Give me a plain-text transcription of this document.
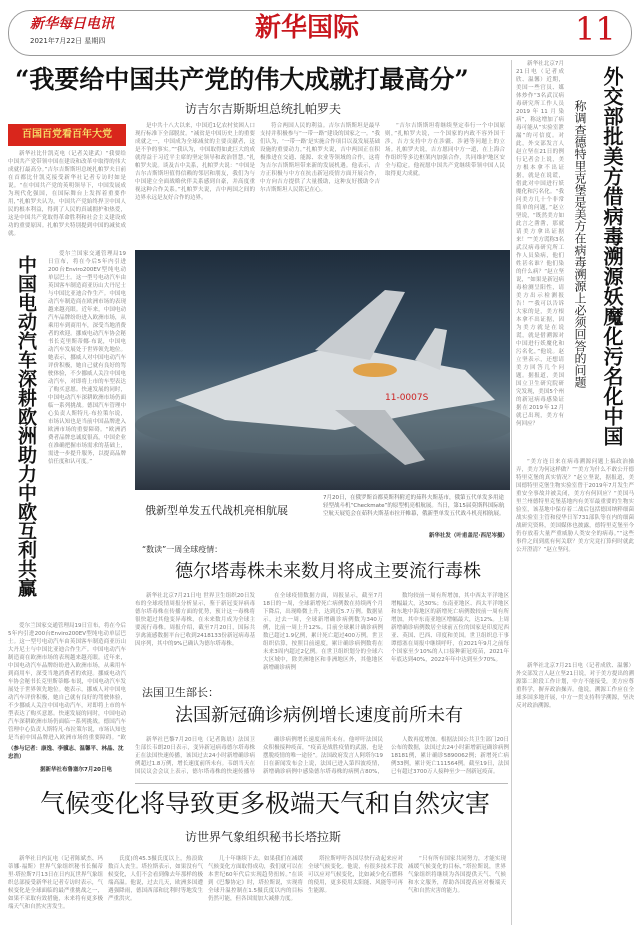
新华每日电讯
2021年7月22日 星期四	新华国际	11
“我要给中国共产党的伟大成就打最高分”
访吉尔吉斯斯坦总统扎帕罗夫
百国百党看百年大党
新华社比什凯克电（记者关建武）“我要给中国共产党带领中国在建设和改革中取得的伟大成就打最高分。”吉尔吉斯斯坦总统扎帕罗夫日前在首都比什凯克接受新华社记者专访时如是说。“在中国共产党的英明领导下，中国发展成为现代化强国，在国际舞台上发挥着重要作用，”扎帕罗夫认为，中国共产党始终捍卫中国人民的根本利益，得到了人民的真诚拥护和热爱，这是中国共产党取得革命胜利和社会主义建设成功的重要原因。扎帕罗夫特别提到中国的减贫成就。
是中共十八大以来，中国近1亿农村贫困人口现行标准下全部脱贫。“减贫是中国历史上的重要成就之一，中国成为全球减贫的主要贡献者，这是不争的事实。”“我认为，中国取得如此巨大的成就得益于习近平主席的坚定领导和政治智慧。”扎帕罗夫说。谈及吉中关系，扎帕罗夫说：“中国是吉尔吉斯斯坦值得信赖的邻居和朋友，我们为与中国建立全面战略伙伴关系感到自豪，并高度重视这种合作关系。”扎帕罗夫说，吉中两国之间的边界永远是友好合作的边界。
符合两国人民的利益。吉尔吉斯斯坦是最早支持并积极参与“一带一路”建设的国家之一。“我们认为，‘一带一路’是实施合作项目以及发展基础设施的重要动力，”扎帕罗夫说，吉中两国正在积极推进在交通、能源、农业等领域的合作，这将为吉尔吉斯斯坦带来新的发展机遇。他表示，吉方正积极与中方在抗击新冠疫情方面开展合作，中方向吉方提供了大量援助，这种友好援助令吉尔吉斯斯坦人民铭记在心。
“吉尔吉斯斯坦将继续坚定奉行一个中国原则，”扎帕罗夫说，一个国家的内政不容外国干涉，吉方支持中方在涉疆、涉港等问题上的立场。扎帕罗夫说，吉方愿同中方一道，在上海合作组织等多边框架内加强合作，共同维护地区安全与稳定。他祝愿中国共产党继续带领中国人民取得更大成就。
中国电动汽车深耕欧洲助力中欧互利共赢
爱尔兰国家交通管理局19日宣布，将在今后5年内引进200台Enviro200EV型纯电动单层巴士。这一型号电动汽车由英国客车制造商亚历山大丹尼士与中国比亚迪合作生产。中国电动汽车制造商在欧洲市场的表现越来越亮眼。近年来，中国电动汽车品牌纷纷进入欧洲市场，从乘用车到商用车，深受当地消费者的欢迎。挪威电动汽车协会秘书长克里斯蒂娜·布说，中国电动汽车发展处于世界领先地位。她表示，挪威人对中国电动汽车评价积极，她自己就有良好的驾驶体验，不少挪威人关注中国电动汽车，对即将上市的车型表达了购买意愿。快速发展的同时，中国电动汽车深耕欧洲市场仍面临一系列挑战。德国汽车管理中心负责人斯特凡·布拉策尔说，市场认知也是当前中国品牌进入欧洲市场的重要障碍。“欧洲消费者品牌忠诚度很高，中国企业在准确把握市场需求的基础上，需进一步提升服务，以提高品牌信任度和认可度。”
爱尔兰国家交通管理局19日宣布，将在今后5年内引进200台Enviro200EV型纯电动单层巴士。这一型号电动汽车由英国客车制造商亚历山大丹尼士与中国比亚迪合作生产。中国电动汽车制造商在欧洲市场的表现越来越亮眼。近年来，中国电动汽车品牌纷纷进入欧洲市场，从乘用车到商用车，深受当地消费者的欢迎。挪威电动汽车协会秘书长克里斯蒂娜·布说，中国电动汽车发展处于世界领先地位。她表示，挪威人对中国电动汽车评价积极，她自己就有良好的驾驶体验，不少挪威人关注中国电动汽车，对即将上市的车型表达了购买意愿。快速发展的同时，中国电动汽车深耕欧洲市场仍面临一系列挑战。德国汽车管理中心负责人斯特凡·布拉策尔说，市场认知也是当前中国品牌进入欧洲市场的重要障碍。“欧
（参与记者：康逸、李骥志、温馨平、林晶、沈忠浩）
据新华社布鲁塞尔7月20日电
11-0007S
俄新型单发五代战机亮相航展
7月20日，在俄罗斯首都莫斯科附近的茹科夫斯基市，俄第五代单发多用途轻型战斗机“Checkmate”的原型机亮相航展。当日，第15届莫斯科国际航空航天展览会在茹科夫斯基市拉开帷幕，俄新型单发五代战斗机亮相航展。
新华社发（叶甫盖尼·西尼岑摄）
“数读”一周全球疫情：
德尔塔毒株未来数月将成主要流行毒株
新华社北京7月21日电 世界卫生组织20日发布的全球疫情周报分析显示，鉴于新冠变异病毒德尔塔毒株在传播方面的优势，预计这一毒株将很快超过其他变异毒株，在未来数月成为全球主要流行毒株。周报介绍，截至7月20日，国际共享禽流感数据平台已收到2418133份新冠病毒基因序列，其中的9%已确认为德尔塔毒株。
在全球疫情数据方面，周报显示，截至7月18日的一周，全球新增死亡病例数在持续两个月下降后，出现略微上升，达到近5.7万例。数据显示，过去一周，全球新增确诊病例数为340万例，比前一周上升12%。目前全球累计确诊病例数已超过1.9亿例，累计死亡超过400万例。世卫组织估算，按照目前速度，累计确诊病例数将在未来3周内超过2亿例。在世卫组织划分的全球六大区域中，除美洲地区和非洲地区外，其他地区新增确诊病例
数均较前一周有所增加，其中西太平洋地区增幅最大，达30%；东南亚地区、西太平洋地区和东地中海地区的新增死亡病例数较前一周有所增加，其中东南亚地区增幅最大，达12%。上周新增确诊病例数居全球前五位的国家是印度尼西亚、英国、巴西、印度和美国。世卫组织总干事谭德塞在周报中继续呼吁，在2021年9月之前每个国家至少10%的人口接种新冠疫苗，2021年年底达到40%，2022年年中达到至少70%。
法国卫生部长：
法国新冠确诊病例增长速度前所未有
新华社巴黎7月20日电（记者陈晨）法国卫生部长韦朗20日表示，变异新冠病毒德尔塔毒株正在法国快速传播，该国过去24小时新增确诊病例超过1.8万例，增长速度前所未有。韦朗当天在国民议会会议上表示，德尔塔毒株的快速传播导
确诊病例增长速度前所未有。他呼吁法国民众积极接种疫苗，“疫苗是战胜疫情的武器，也是摆脱疫情的唯一途径”。法国政府发言人阿塔尔19日在新闻发布会上说，法国已进入第四波疫情，新增确诊病例中感染德尔塔毒株的病例占80%，
人数再度增加。根据法国公共卫生部门20日公布的数据，法国过去24小时新增新冠确诊病例18181例，累计确诊5890062例；新增死亡病例33例，累计死亡111564例。截至19日，法国已有超过3700万人接种至少一剂新冠疫苗。
气候变化将导致更多极端天气和自然灾害
访世界气象组织秘书长塔拉斯
新华社日内瓦电（记者陈斌杰、玛蒂娜·福斯）世界气象组织秘书长佩蒂里·塔拉斯7月13日在日内瓦世界气象组织总部接受新华社记者专访时表示，气候变化是全球面临的最严重挑战之一，如果不采取有效措施，未来将有更多极端天气和自然灾害发生。
氏度)的45.3摄氏度以上，热浪致数百人丧生。塔拉斯表示，如果没有气候变化，人们不会看到像去年那样的极端高温。他说，过去几天，欧洲多国遭遇强降雨，德国西部和比利时等地发生严重洪灾。
几十年继续下去。如果我们在减缓气候变化方面取得成功，我们就可以在本世纪60年代后实现趋势扭转。”在谈到《巴黎协定》时，塔拉斯说，实现将全球升温控制在1.5摄氏度以内的目标仍然可能，但各国需加大减排力度。
塔拉斯呼吁各国尽快行动起来应对全球气候变化。他说，有很多技术手段可以应对气候变化，比如减少化石燃料的使用，更多使用太阳能、风能等可再生能源。
“只有所有国家共同努力，才能实现减缓气候变化的目标，”塔拉斯说，世界气象组织将继续为各国提供天气、气候和水文服务，帮助各国提高应对极端天气和自然灾害的能力。
新华社北京7月21日电（记者成欣、温馨）近期，美国一些官员、媒体炒作“3名武汉病毒研究所工作人员2019年11月染病”，称这增加了病毒可能从“实验室泄漏”的可信度。对此，外交部发言人赵立坚在21日的例行记者会上说，美方根本拿不出证据，就是在说谎，借此对中国进行妖魔化和污名化。“我问美方几十个非常简单的问题，”赵立坚说，“既然美方如此言之凿凿，那就请美方拿出证据来！”“美方谎称3名武汉病毒研究所工作人员染病，他们姓甚名谁？他们染的什么病？”赵立坚说，“如果是新冠病毒检测呈阳性，请美方出示检测报告！”“我可以告诉大家的是，美方根本拿不出证据，因为美方就是在说谎，就是借溯源对中国进行妖魔化和污名化，”他说。赵立坚表示，还想请美方回答几个问题。据报道，美国国立卫生研究院研究发现，美国5个州的新冠病毒感染证据在2019年12月就已出现，美方有何回应？
称调查德特里克堡是美方在病毒溯源上必须回答的问题 外交部批美方借病毒溯源妖魔化污名化中国
“美方连日来在病毒溯源问题上搞政治操弄，美方为何这样做？”“美方为什么不敢公开德特里克堡的真实情况？”赵立坚说，据报道，美国德特里克堡生物实验室曾于2019年7月发生严重安全事故并被关闭，美方有何回应？“美国马里兰州德特里克堡基地内有美军最重要的生物实验室，该基地中保存着二战后包括德国纳粹细菌战实验室主管和侵华日军731部队等在内的细菌战研究资料，美国媒体也披露，德特里克堡至今仍存放着大量严重威胁人类安全的病毒。”“这些事件之间到底有何关联？美方究竟打算何时就此公开澄清？”赵立坚问。
新华社北京7月21日电（记者成欣、温馨）外交部发言人赵立坚21日说，对于美方提出的溯源第二阶段工作计划，中方不能接受，美方应尊重科学，摒弃政治操弄。他说，溯源工作应在全球多国多地开展，中方一贯支持科学溯源，坚决反对政治溯源。
